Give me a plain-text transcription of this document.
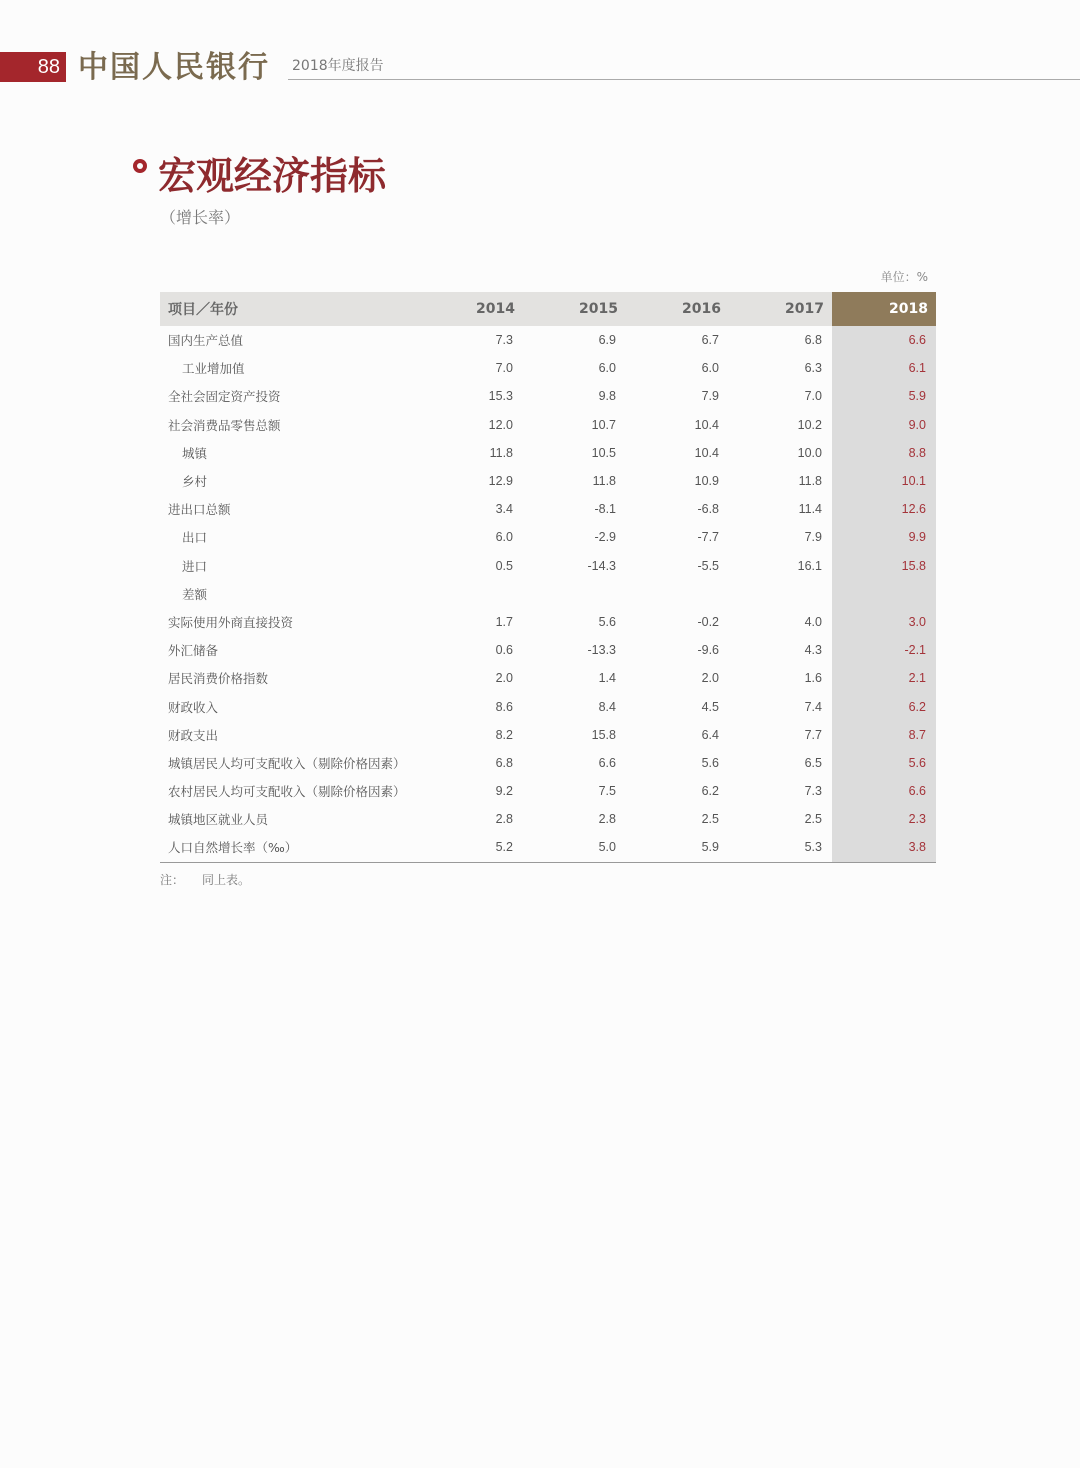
88 中国人民银行 2018年度报告
宏观经济指标
（增长率）
单位：%
项目／年份	2014	2015	2016	2017	2018
国内生产总值	7.3	6.9	6.7	6.8	6.6
工业增加值	7.0	6.0	6.0	6.3	6.1
全社会固定资产投资	15.3	9.8	7.9	7.0	5.9
社会消费品零售总额	12.0	10.7	10.4	10.2	9.0
城镇	11.8	10.5	10.4	10.0	8.8
乡村	12.9	11.8	10.9	11.8	10.1
进出口总额	3.4	-8.1	-6.8	11.4	12.6
出口	6.0	-2.9	-7.7	7.9	9.9
进口	0.5	-14.3	-5.5	16.1	15.8
差额					
实际使用外商直接投资	1.7	5.6	-0.2	4.0	3.0
外汇储备	0.6	-13.3	-9.6	4.3	-2.1
居民消费价格指数	2.0	1.4	2.0	1.6	2.1
财政收入	8.6	8.4	4.5	7.4	6.2
财政支出	8.2	15.8	6.4	7.7	8.7
城镇居民人均可支配收入（剔除价格因素）	6.8	6.6	5.6	6.5	5.6
农村居民人均可支配收入（剔除价格因素）	9.2	7.5	6.2	7.3	6.6
城镇地区就业人员	2.8	2.8	2.5	2.5	2.3
人口自然增长率（‰）	5.2	5.0	5.9	5.3	3.8
注： 同上表。
